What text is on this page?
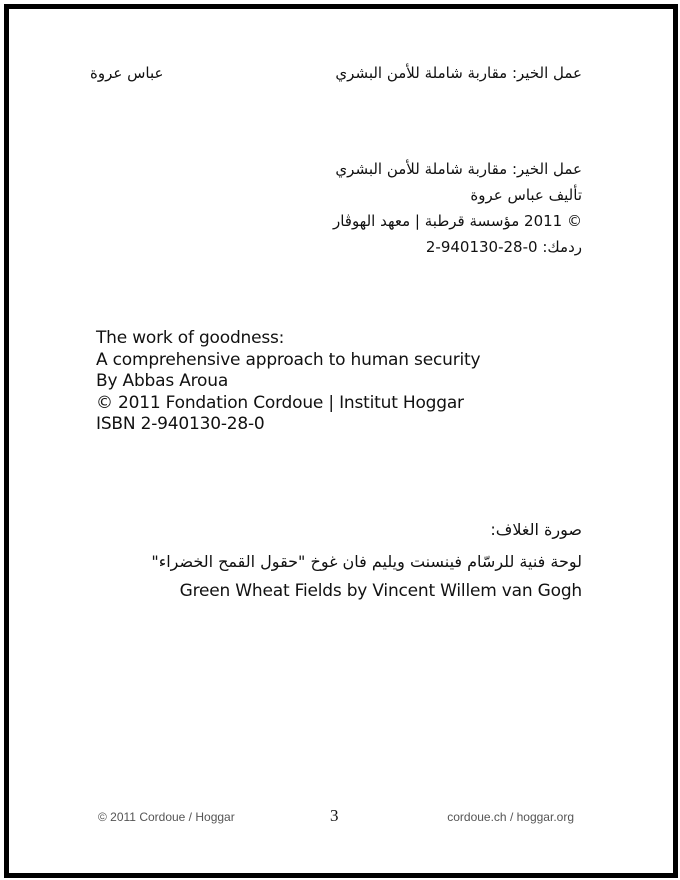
عمل الخير: مقاربة شاملة للأمن البشري
عباس عروة
عمل الخير: مقاربة شاملة للأمن البشري
تأليف عباس عروة
© 2011 مؤسسة قرطبة | معهد الهوڤار
ردمك: 0-28-940130-2
The work of goodness:
A comprehensive approach to human security
By Abbas Aroua
© 2011 Fondation Cordoue | Institut Hoggar
ISBN 2-940130-28-0
صورة الغلاف:
لوحة فنية للرسّام فينسنت ويليم فان غوخ "حقول القمح الخضراء"
Green Wheat Fields by Vincent Willem van Gogh
© 2011 Cordoue / Hoggar	3	cordoue.ch / hoggar.org
